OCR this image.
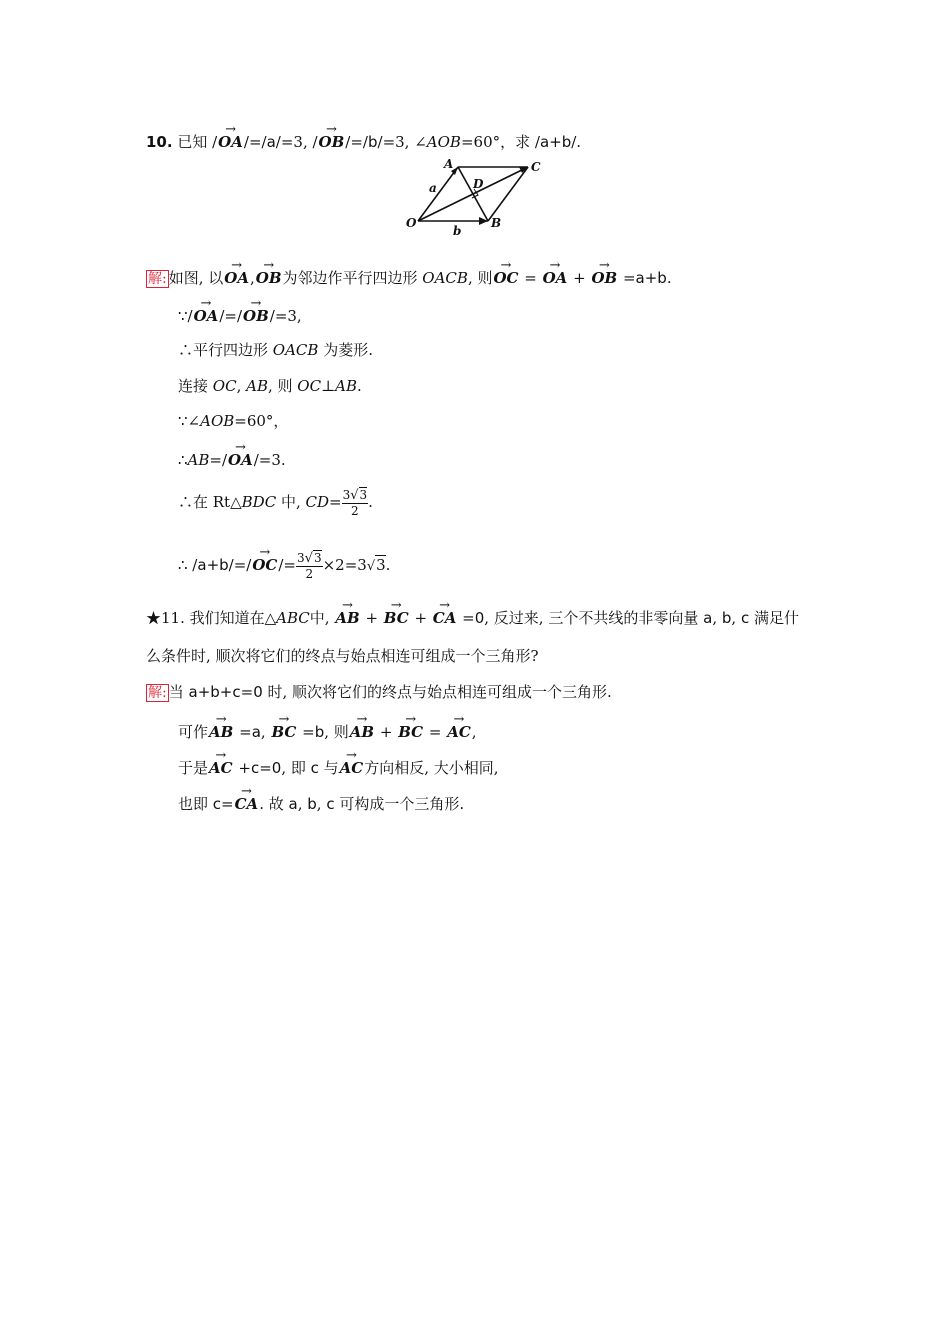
10. 已知 /→ OA/=/a/=3, /→ OB/=/b/=3, ∠AOB=60°，求 /a+b/.
O
A	C
B
D
a
b
解: 如图, 以→ OA,→ OB为邻边作平行四边形 OACB, 则→ OC = → OA + → OB =a+b.
∵/→ OA/=/→ OB/=3,
∴平行四边形 OACB 为菱形.
连接 OC, AB, 则 OC⊥AB.
∵∠AOB=60°，
∴AB=/→ OA/=3.
∴在 Rt△BDC 中, $CD= \frac{3√3}{2}$ .
∴ $/a+b/=/\to OC/= \frac{3√3}{2} \times 2=3√3$.
★11. 我们知道在△ABC中, → AB + → BC + → CA =0, 反过来, 三个不共线的非零向量 a, b, c 满足什
么条件时, 顺次将它们的终点与始点相连可组成一个三角形?
解: 当 a+b+c=0 时, 顺次将它们的终点与始点相连可组成一个三角形.
可作→ AB =a, → BC =b, 则→ AB + → BC = → AC,
于是→ AC +c=0, 即 c 与→ AC方向相反, 大小相同,
也即 c=→ CA. 故 a, b, c 可构成一个三角形.
